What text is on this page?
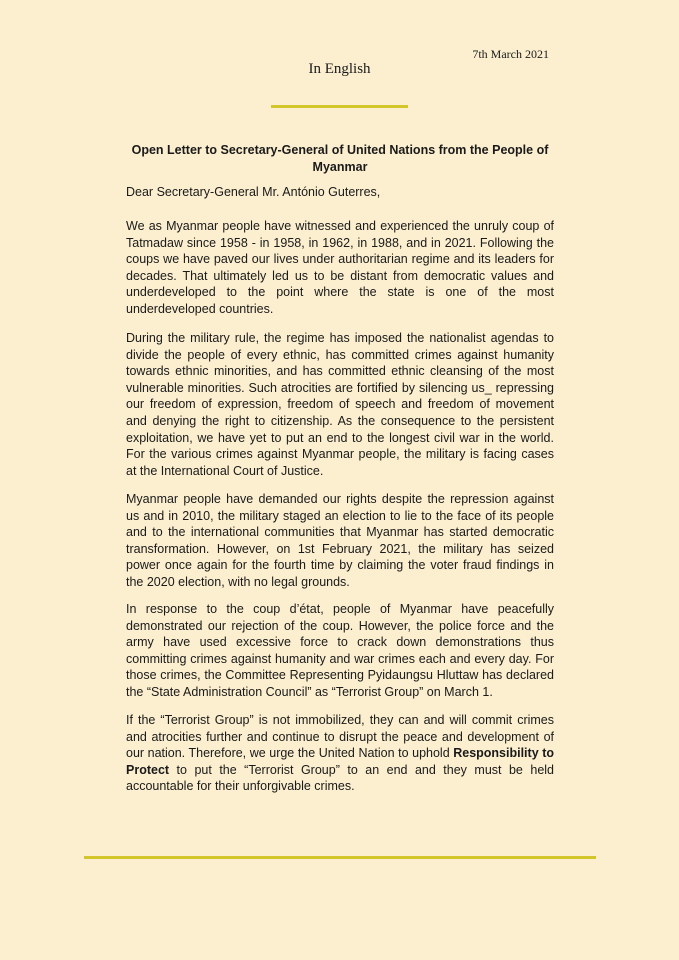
7th March 2021
In English
Open Letter to Secretary-General of United Nations from the People of Myanmar
Dear Secretary-General Mr. António Guterres,

We as Myanmar people have witnessed and experienced the unruly coup of Tatmadaw since 1958 - in 1958, in 1962, in 1988, and in 2021. Following the coups we have paved our lives under authoritarian regime and its leaders for decades. That ultimately led us to be distant from democratic values and underdeveloped to the point where the state is one of the most underdeveloped countries.

During the military rule, the regime has imposed the nationalist agendas to divide the people of every ethnic, has committed crimes against humanity towards ethnic minorities, and has committed ethnic cleansing of the most vulnerable minorities. Such atrocities are fortified by silencing us_ repressing our freedom of expression, freedom of speech and freedom of movement and denying the right to citizenship. As the consequence to the persistent exploitation, we have yet to put an end to the longest civil war in the world. For the various crimes against Myanmar people, the military is facing cases at the International Court of Justice.

Myanmar people have demanded our rights despite the repression against us and in 2010, the military staged an election to lie to the face of its people and to the international communities that Myanmar has started democratic transformation. However, on 1st February 2021, the military has seized power once again for the fourth time by claiming the voter fraud findings in the 2020 election, with no legal grounds.

In response to the coup d’état, people of Myanmar have peacefully demonstrated our rejection of the coup. However, the police force and the army have used excessive force to crack down demonstrations thus committing crimes against humanity and war crimes each and every day. For those crimes, the Committee Representing Pyidaungsu Hluttaw has declared the “State Administration Council” as “Terrorist Group” on March 1.

If the “Terrorist Group” is not immobilized, they can and will commit crimes and atrocities further and continue to disrupt the peace and development of our nation. Therefore, we urge the United Nation to uphold Responsibility to Protect to put the “Terrorist Group” to an end and they must be held accountable for their unforgivable crimes.
